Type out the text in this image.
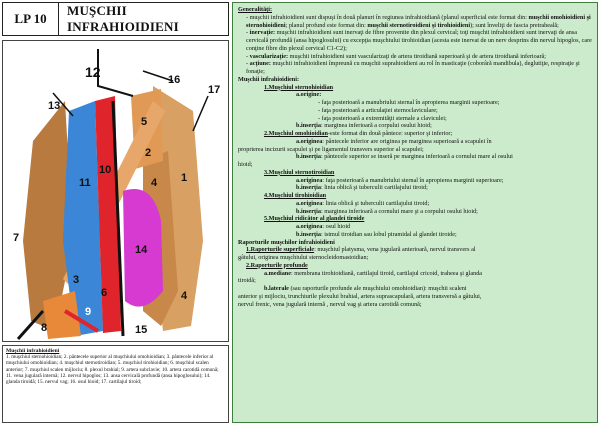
LP 10
MUŞCHII INFRAHIOIDIENI
1
2
3
4
4
5
6
7
8
9
10
11
12
13
14
15
16
17
Muşchii infrahioidieni
1. muşchiul sternohioidian; 2. pântecele superior al muşchiului omohioidian; 3. pântecele inferior al muşchiului omohioidian; 4. muşchiul sternotiroidian; 5. muşchiul tirohioidian; 6. muşchiul scalen anterior; 7. muşchiul scalen mijlociu; 8. plexul brahial; 9. artera subclavie; 10. artera carotidă comună; 11. vena jugulară internă; 12. nervul hipoglos; 13. ansa cervicală profundă (ansa hipoglosului); 14. glanda tiroidă; 15. nervul vag; 16. osul hioid; 17. cartilajul tiroid;

Generalităţi:

- muşchii infrahioidieni sunt dispuşi în două planuri în regiunea infrahioidiană (planul superficial este format din: muşchii omohioidieni şi sternohioidieni; planul profund este format din: muşchii sternotiroidieni şi tirohioidieni); sunt înveliţi de fascia pretraheală;

- inervaţie: muşchii infrahioidieni sunt inervaţi de fibre provenite din plexul cervical; toţi muşchii infrahioidieni sunt inervaţi de ansa cervicală profundă (ansa hipoglosului) cu excepţia muşchiului tirohioidian (acesta este inervat de un nerv desprins din nervul hipoglos, care conţine fibre din plexul cervical C1-C2);

- vascularizaţie: muşchii infrahioidieni sunt vascularizaţi de artera tiroidiană superioară şi de artera tiroidiană inferioară;

- acţiune: muşchii infrahioidieni împreună cu muşchii suprahioidieni au rol în masticaţie (coborâră mandibula), deglutiţie, respiraţie şi fonaţie;

Muşchii infrahioidieni:

1.Muşchiul sternohioidian

a.origine:

- faţa posterioară a manubriului sternal în apropierea marginii superioare;

- faţa posterioară a articulaţiei sternoclaviculare;

- faţa posterioară a extremităţii sternale a claviculei;

b.inserţia: marginea inferioară a corpului osului hioid;

2.Muşchiul omohioidian-este format din două pântece: superior şi inferior;

a.originea: pântecele inferior are originea pe marginea superioară a scapulei în

proprierea incizurii scapulei şi pe ligamentul transvers superior al scapulei;

b.inserţia: pântecele superior se inseră pe marginea inferioară a cornului mare al osului

hioid;

3.Muşchiul sternotiroidian

a.originea: faţa posterioară a manubriului sternal în apropierea marginii superioare;

b.inserţia: linia oblică şi tuberculii cartilajului tiroid;

4.Muşchiul tirohioidian

a.originea: linia oblică şi tuberculii cartilajului tiroid;

b.inserţia: marginea inferioară a cornului mare şi a corpului osului hioid;

5.Muşchiul ridicător al glandei tiroide

a.originea: osul hioid

b.inserţia: istmul tiroidian sau lobul piramidal al glandei tiroide;

Raporturile muşchilor infrahioidieni

1.Raporturile superficiale: muşchiul platysma, vena jugulară anterioară, nervul transvers al

gâtului, originea muşchiului sternocleidomastoidian;

2.Raporturile profunde

a.mediane: membrana tirohioidiană, cartilajul tiroid, cartilajul cricoid, traheea şi glanda

tiroidă;

b.laterale (sau raporturile profunde ale muşchiului omohioidian): muşchii scaleni

anterior şi mijlociu, trunchiurile plexului brahial, artera suprascapulară, artera transversă a gâtului,

nervul frenic, vena jugulară internă , nervul vag şi artera carotidă comună;
